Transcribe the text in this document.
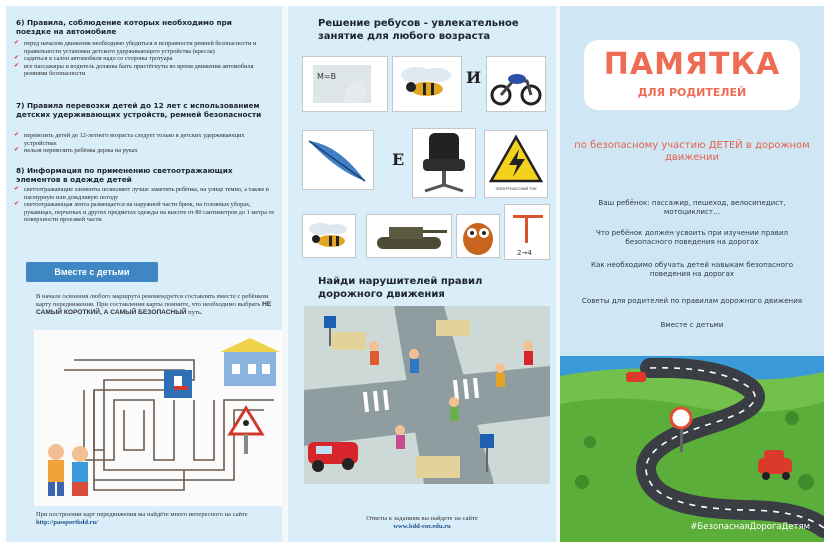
6) Правила, соблюдение которых необходимо при поездке на автомобиле
✔ перед началом движения необходимо убедиться в исправности ремней безопасности и правильности установки детского удерживающего устройства (кресла)
✔ садиться в салон автомобиля надо со стороны тротуара
✔ все пассажиры и водитель должны быть пристёгнуты во время движения автомобиля ремнями безопасности
7) Правила перевозки детей до 12 лет с использованием детских удерживающих устройств, ремней безопасности
✔ перевозить детей до 12-летнего возраста следует только в детских удерживающих устройствах
✔ нельзя перевозить ребёнка держа на руках
8) Информация по применению светоотражающих элементов в одежде детей
✔ светоотражающие элементы позволяют лучше заметить ребёнка, на улице темно, а также в пасмурную или дождливую погоду
✔ светоотражающая лента размещается на наружной части брюк, на головных уборах, рукавицах, перчатках и других предметах одежды на высоте от 80 сантиметров до 1 метра от поверхности проезжей части
Вместе с детьми
В начале освоения любого маршрута рекомендуется составлять вместе с ребёнком карту передвижения. При составлении карты помните, что необходимо выбрать НЕ САМЫЙ КОРОТКИЙ, А САМЫЙ БЕЗОПАСНЫЙ путь.
При построении карт передвижения вы найдёте много интересного на сайте http://passportbdd.ru/
Решение ребусов - увлекательное занятие для любого возраста
М=В	И
Е
ЭЛЕКТРИЧЕСКИЙ ТОК
2→4
Найди нарушителей правил дорожного движения
Ответы к заданиям вы найдете на сайте
www.bdd-eor.edu.ru
ПАМЯТКА
ДЛЯ РОДИТЕЛЕЙ
по безопасному участию ДЕТЕЙ в дорожном движении
Ваш ребёнок: пассажир, пешеход, велосипедист, мотоциклист…
Что ребёнок должен усвоить при изучении правил безопасного поведения на дорогах
Как необходимо обучать детей навыкам безопасного поведения на дорогах
Советы для родителей по правилам дорожного движения
Вместе с детьми
#БезопаснаяДорогаДетям
